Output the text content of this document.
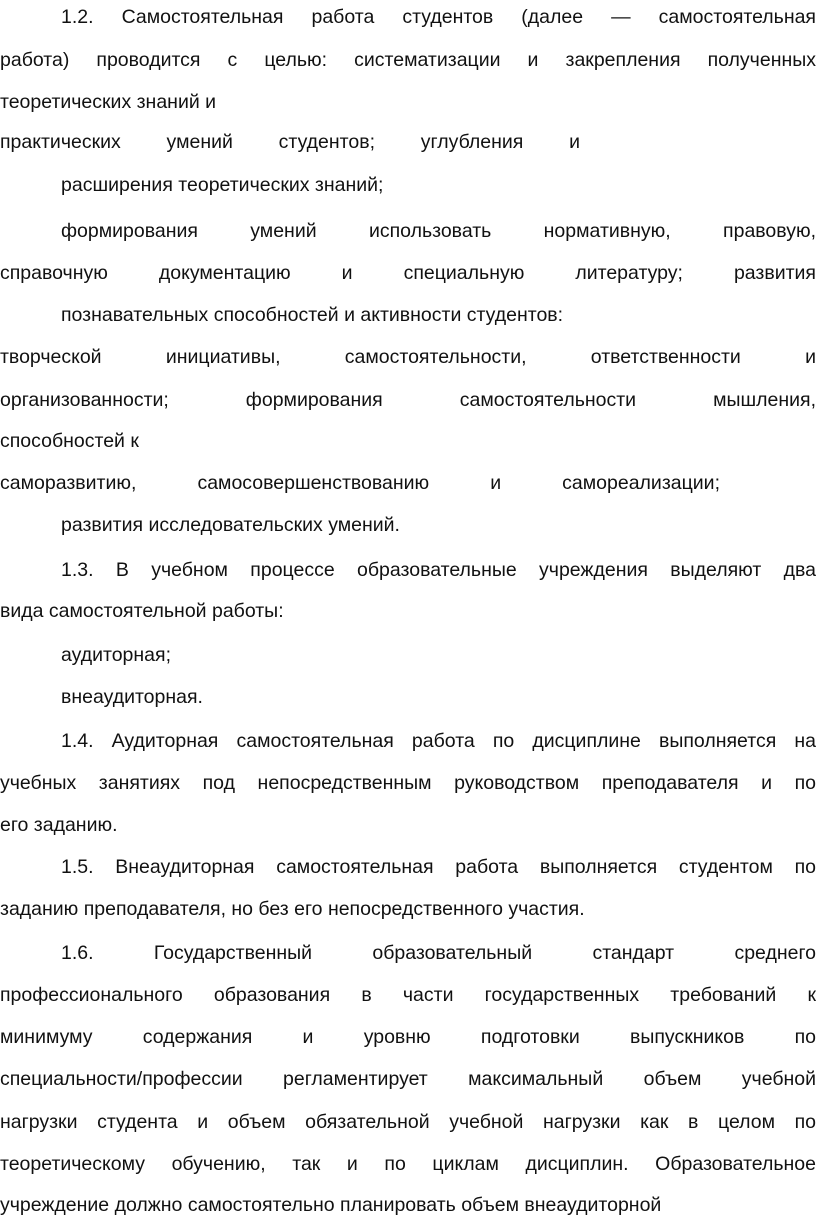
1.2. Самостоятельная работа студентов (далее — самостоятельная
работа) проводится с целью: систематизации и закрепления полученных
теоретических знаний и
практических умений студентов; углубления и
расширения теоретических знаний;
формирования умений использовать нормативную, правовую,
справочную документацию и специальную литературу; развития
познавательных способностей и активности студентов:
творческой инициативы, самостоятельности, ответственности и
организованности; формирования самостоятельности мышления,
способностей к
саморазвитию, самосовершенствованию и самореализации;
развития исследовательских умений.
1.3. В учебном процессе образовательные учреждения выделяют два
вида самостоятельной работы:
аудиторная;
внеаудиторная.
1.4. Аудиторная самостоятельная работа по дисциплине выполняется на
учебных занятиях под непосредственным руководством преподавателя и по
его заданию.
1.5. Внеаудиторная самостоятельная работа выполняется студентом по
заданию преподавателя, но без его непосредственного участия.
1.6. Государственный образовательный стандарт среднего
профессионального образования в части государственных требований к
минимуму содержания и уровню подготовки выпускников по
специальности/профессии регламентирует максимальный объем учебной
нагрузки студента и объем обязательной учебной нагрузки как в целом по
теоретическому обучению, так и по циклам дисциплин. Образовательное
учреждение должно самостоятельно планировать объем внеаудиторной
